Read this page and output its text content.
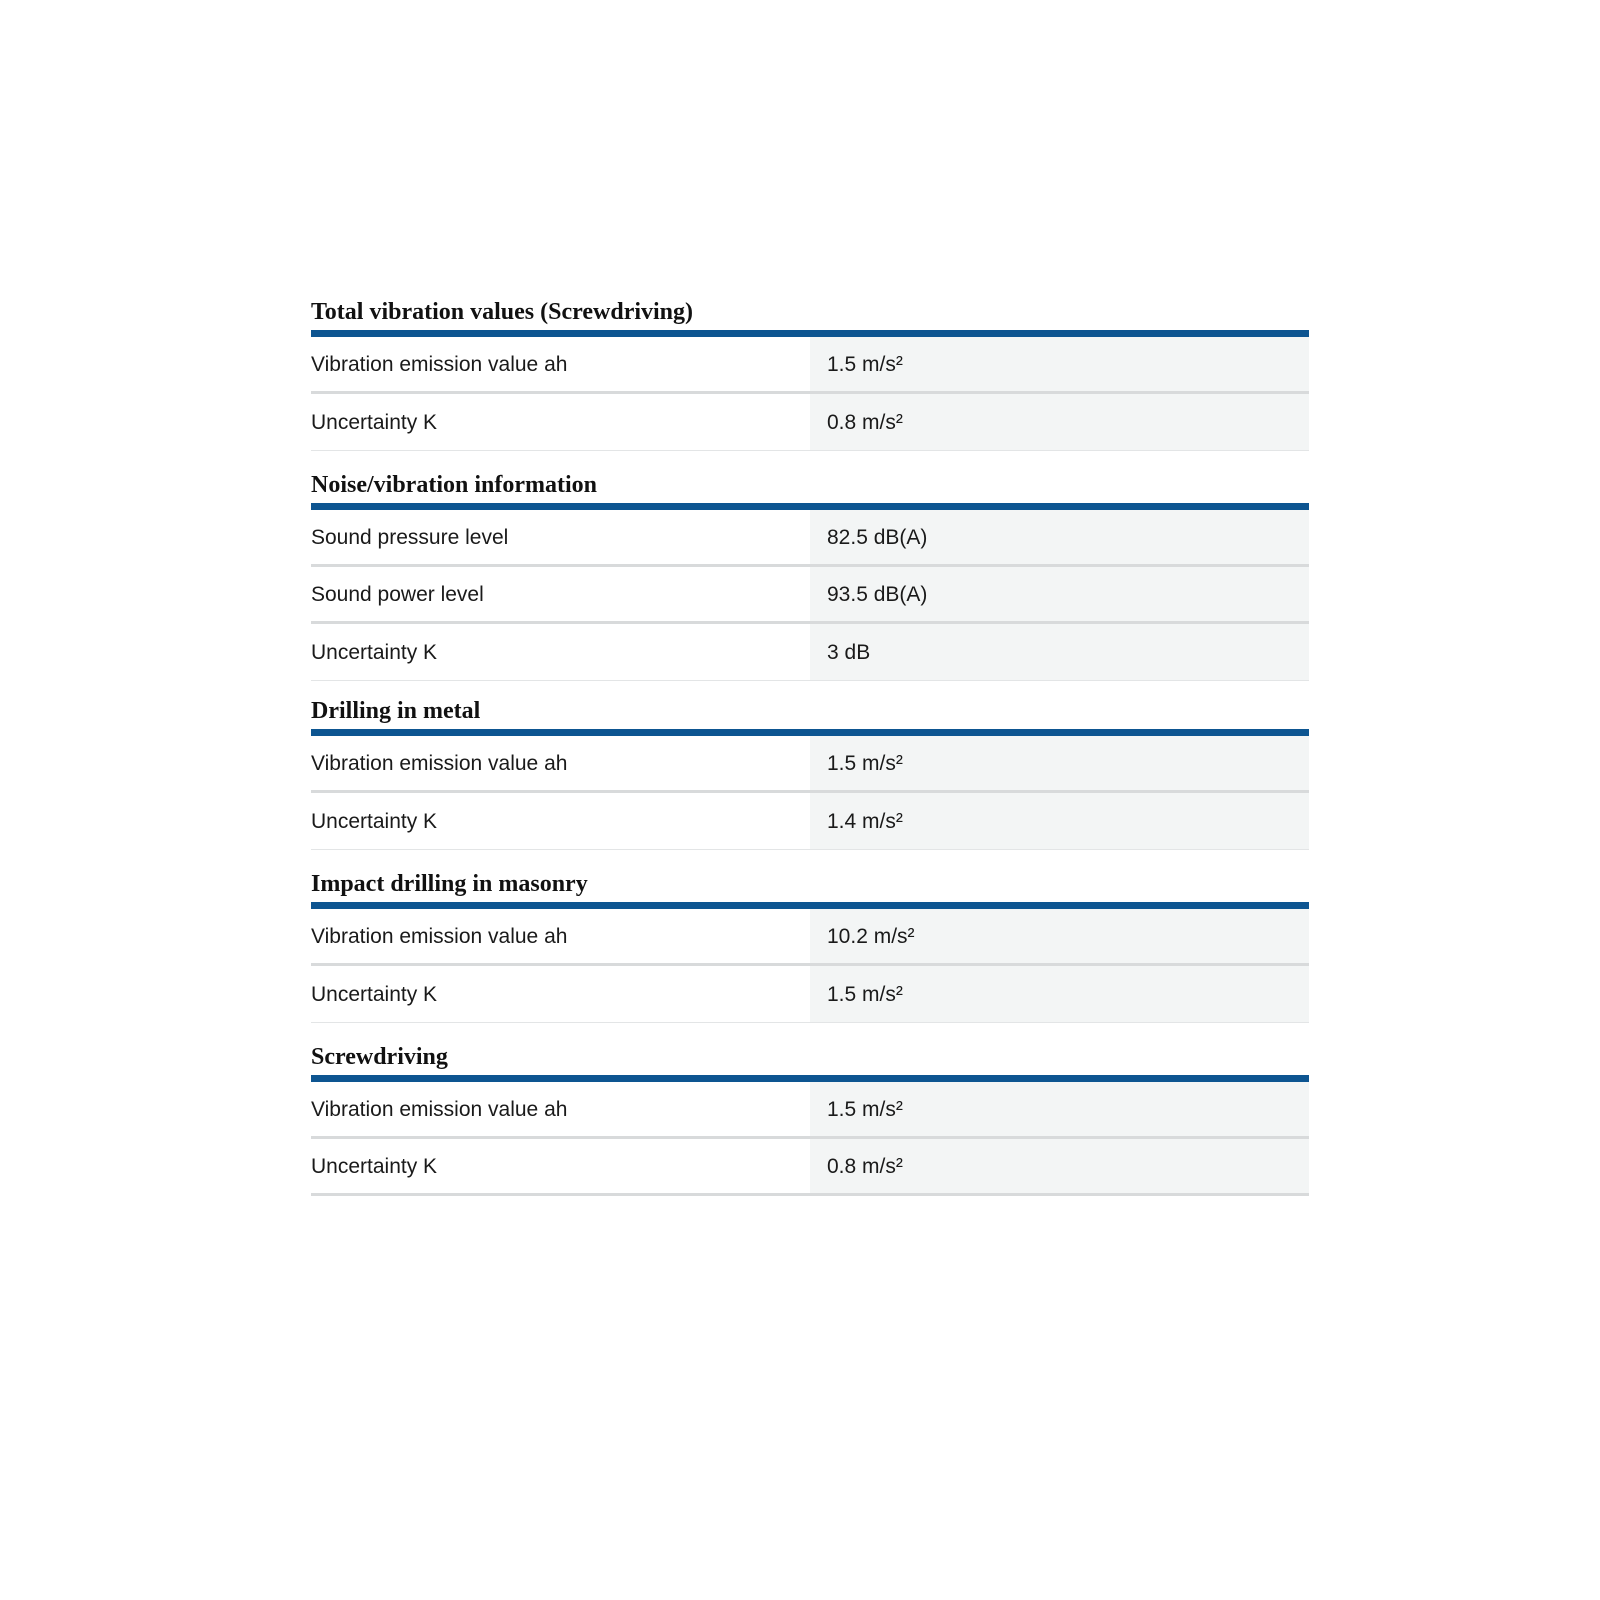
Total vibration values (Screwdriving)
Vibration emission value ah	1.5 m/s²
Uncertainty K	0.8 m/s²
Noise/vibration information
Sound pressure level	82.5 dB(A)
Sound power level	93.5 dB(A)
Uncertainty K	3 dB
Drilling in metal
Vibration emission value ah	1.5 m/s²
Uncertainty K	1.4 m/s²
Impact drilling in masonry
Vibration emission value ah	10.2 m/s²
Uncertainty K	1.5 m/s²
Screwdriving
Vibration emission value ah	1.5 m/s²
Uncertainty K	0.8 m/s²
